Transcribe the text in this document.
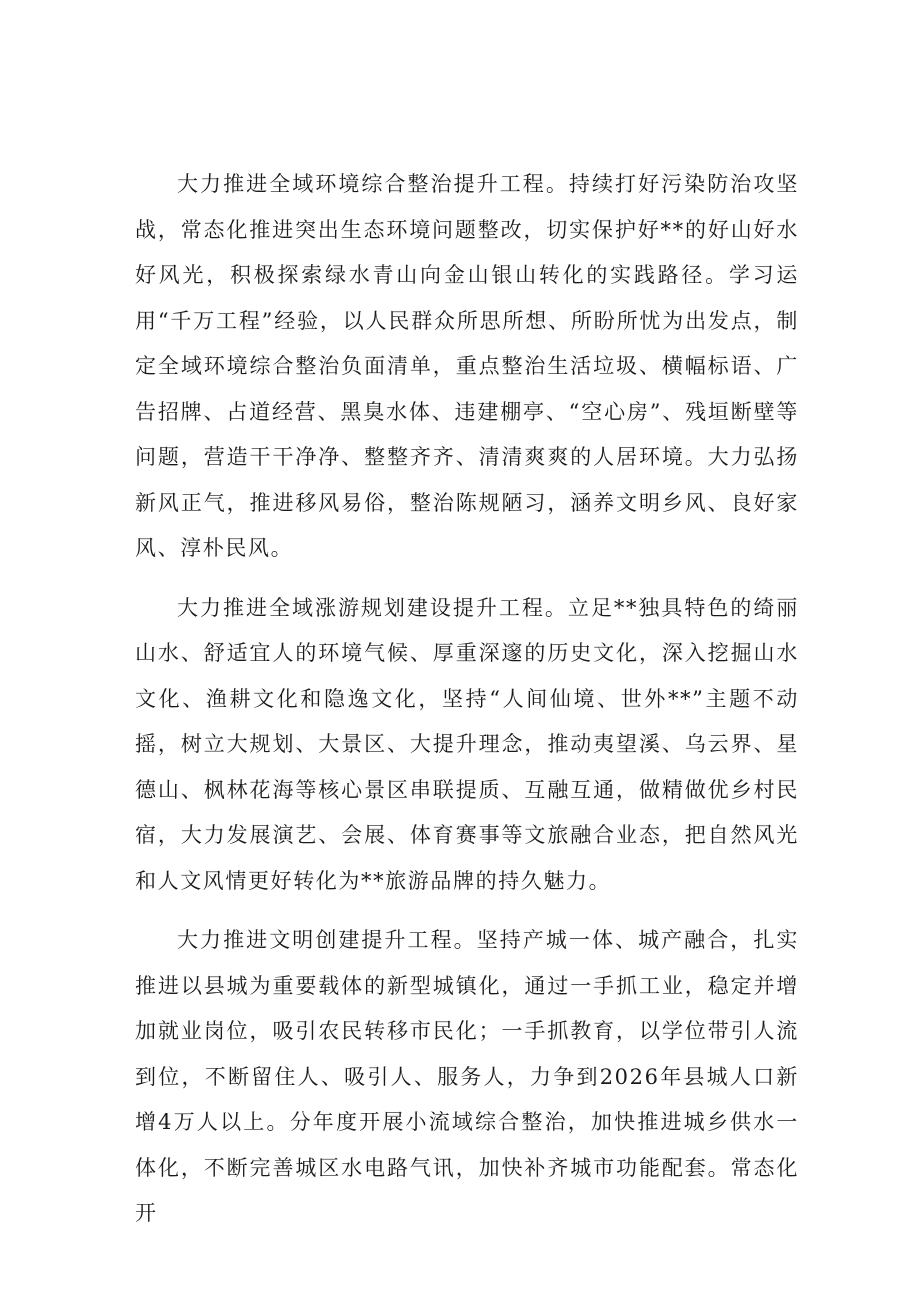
大力推进全域环境综合整治提升工程。持续打好污染防治攻坚战，常态化推进突出生态环境问题整改，切实保护好**的好山好水好风光，积极探索绿水青山向金山银山转化的实践路径。学习运用“千万工程”经验，以人民群众所思所想、所盼所忧为出发点，制定全域环境综合整治负面清单，重点整治生活垃圾、横幅标语、广告招牌、占道经营、黑臭水体、违建棚亭、“空心房”、残垣断壁等问题，营造干干净净、整整齐齐、清清爽爽的人居环境。大力弘扬新风正气，推进移风易俗，整治陈规陋习，涵养文明乡风、良好家风、淳朴民风。

大力推进全域涨游规划建设提升工程。立足**独具特色的绮丽山水、舒适宜人的环境气候、厚重深邃的历史文化，深入挖掘山水文化、渔耕文化和隐逸文化，坚持“人间仙境、世外**”主题不动摇，树立大规划、大景区、大提升理念，推动夷望溪、乌云界、星德山、枫林花海等核心景区串联提质、互融互通，做精做优乡村民宿，大力发展演艺、会展、体育赛事等文旅融合业态，把自然风光和人文风情更好转化为**旅游品牌的持久魅力。

大力推进文明创建提升工程。坚持产城一体、城产融合，扎实推进以县城为重要载体的新型城镇化，通过一手抓工业，稳定并增加就业岗位，吸引农民转移市民化；一手抓教育，以学位带引人流到位，不断留住人、吸引人、服务人，力争到2026年县城人口新增4万人以上。分年度开展小流域综合整治，加快推进城乡供水一体化，不断完善城区水电路气讯，加快补齐城市功能配套。常态化开
